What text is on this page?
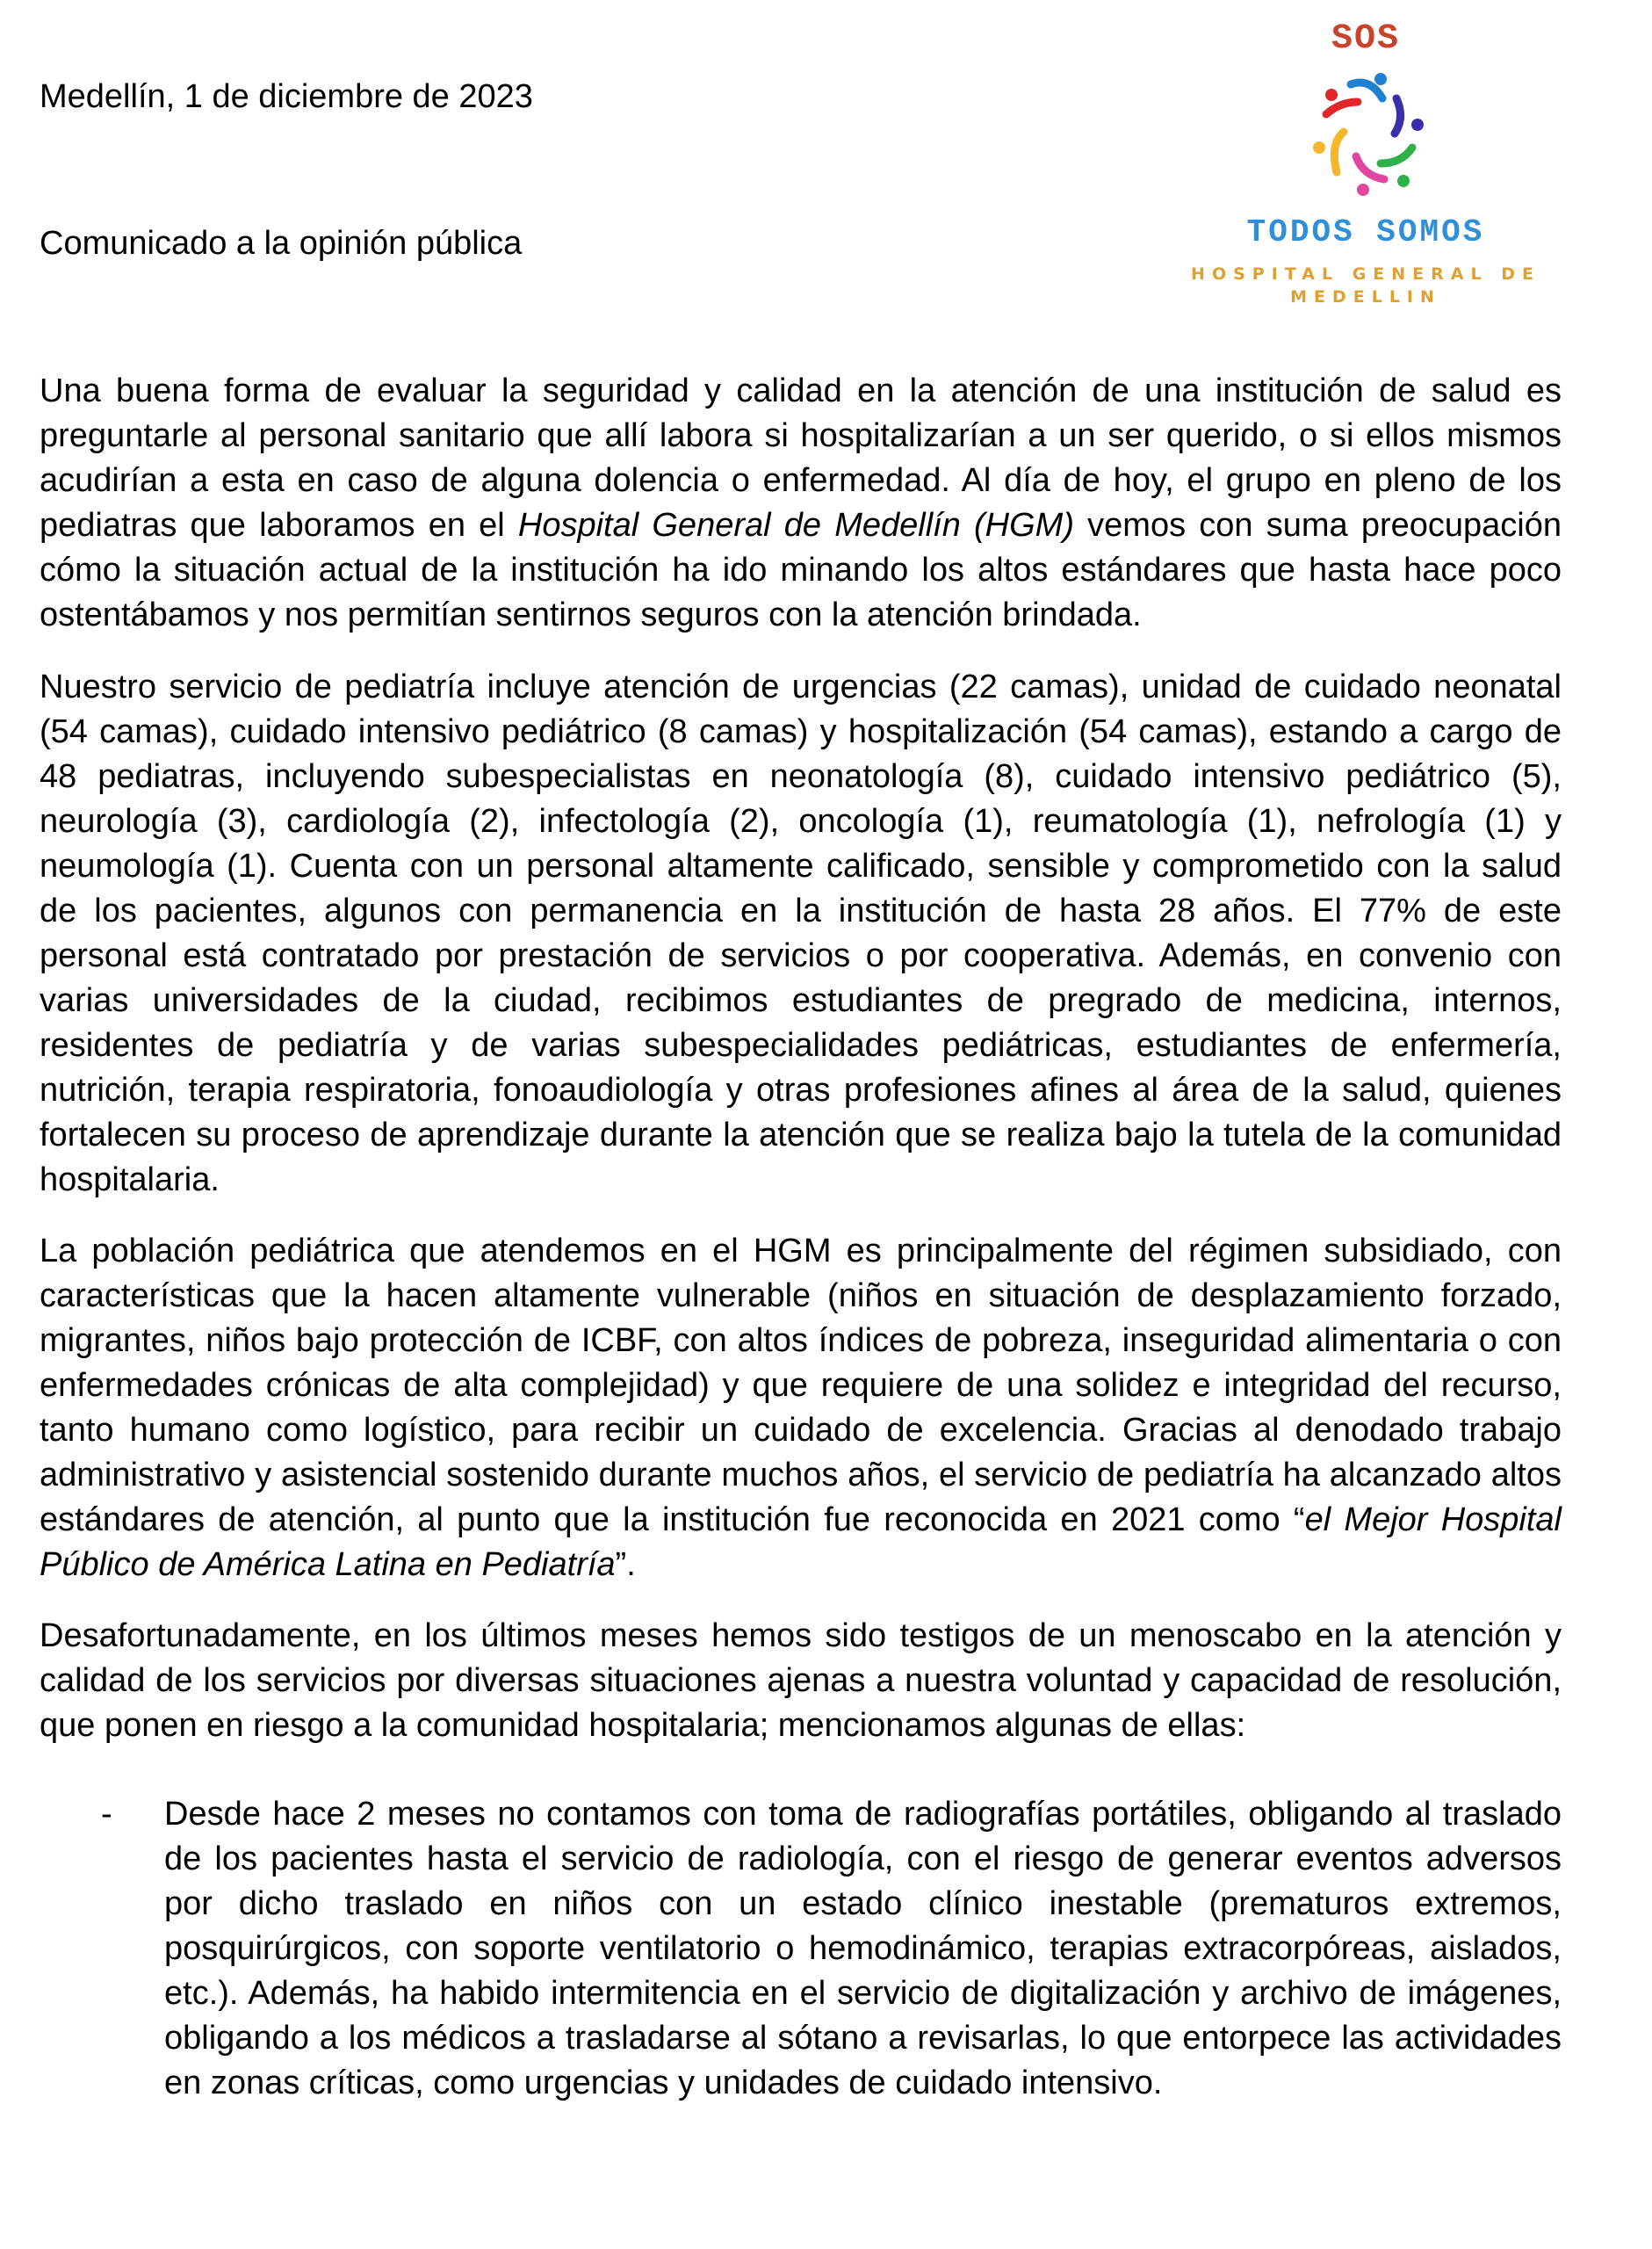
Medellín, 1 de diciembre de 2023
Comunicado a la opinión pública
SOS
TODOS SOMOS
HOSPITAL GENERAL DE
MEDELLIN

Una buena forma de evaluar la seguridad y calidad en la atención de una institución de salud es preguntarle al personal sanitario que allí labora si hospitalizarían a un ser querido, o si ellos mismos acudirían a esta en caso de alguna dolencia o enfermedad. Al día de hoy, el grupo en pleno de los pediatras que laboramos en el Hospital General de Medellín (HGM) vemos con suma preocupación cómo la situación actual de la institución ha ido minando los altos estándares que hasta hace poco ostentábamos y nos permitían sentirnos seguros con la atención brindada.

Nuestro servicio de pediatría incluye atención de urgencias (22 camas), unidad de cuidado neonatal (54 camas), cuidado intensivo pediátrico (8 camas) y hospitalización (54 camas), estando a cargo de 48 pediatras, incluyendo subespecialistas en neonatología (8), cuidado intensivo pediátrico (5), neurología (3), cardiología (2), infectología (2), oncología (1), reumatología (1), nefrología (1) y neumología (1). Cuenta con un personal altamente calificado, sensible y comprometido con la salud de los pacientes, algunos con permanencia en la institución de hasta 28 años. El 77% de este personal está contratado por prestación de servicios o por cooperativa. Además, en convenio con varias universidades de la ciudad, recibimos estudiantes de pregrado de medicina, internos, residentes de pediatría y de varias subespecialidades pediátricas, estudiantes de enfermería, nutrición, terapia respiratoria, fonoaudiología y otras profesiones afines al área de la salud, quienes fortalecen su proceso de aprendizaje durante la atención que se realiza bajo la tutela de la comunidad hospitalaria.

La población pediátrica que atendemos en el HGM es principalmente del régimen subsidiado, con características que la hacen altamente vulnerable (niños en situación de desplazamiento forzado, migrantes, niños bajo protección de ICBF, con altos índices de pobreza, inseguridad alimentaria o con enfermedades crónicas de alta complejidad) y que requiere de una solidez e integridad del recurso, tanto humano como logístico, para recibir un cuidado de excelencia. Gracias al denodado trabajo administrativo y asistencial sostenido durante muchos años, el servicio de pediatría ha alcanzado altos estándares de atención, al punto que la institución fue reconocida en 2021 como “el Mejor Hospital Público de América Latina en Pediatría”.

Desafortunadamente, en los últimos meses hemos sido testigos de un menoscabo en la atención y calidad de los servicios por diversas situaciones ajenas a nuestra voluntad y capacidad de resolución, que ponen en riesgo a la comunidad hospitalaria; mencionamos algunas de ellas:

- Desde hace 2 meses no contamos con toma de radiografías portátiles, obligando al traslado de los pacientes hasta el servicio de radiología, con el riesgo de generar eventos adversos por dicho traslado en niños con un estado clínico inestable (prematuros extremos, posquirúrgicos, con soporte ventilatorio o hemodinámico, terapias extracorpóreas, aislados, etc.). Además, ha habido intermitencia en el servicio de digitalización y archivo de imágenes, obligando a los médicos a trasladarse al sótano a revisarlas, lo que entorpece las actividades en zonas críticas, como urgencias y unidades de cuidado intensivo.
